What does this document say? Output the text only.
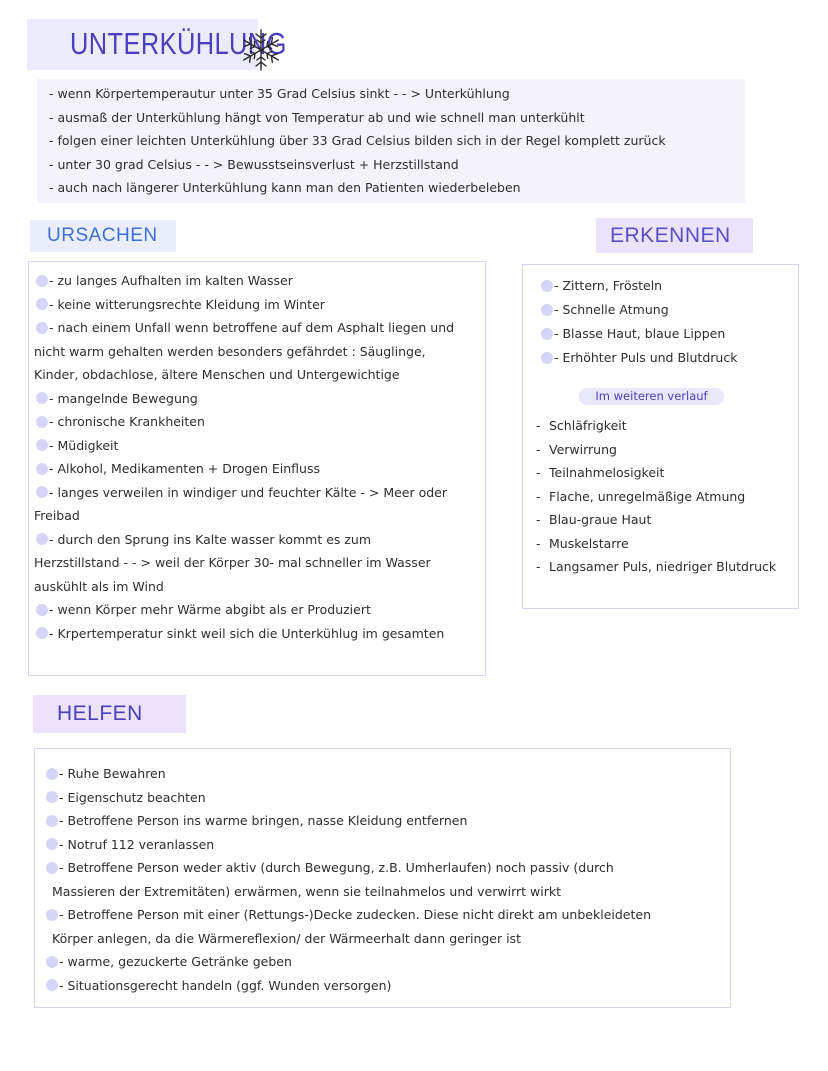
UNTERKÜHLUNG
- wenn Körpertemperautur unter 35 Grad Celsius sinkt - - > Unterkühlung
- ausmaß der Unterkühlung hängt von Temperatur ab und wie schnell man unterkühlt
- folgen einer leichten Unterkühlung über 33 Grad Celsius bilden sich in der Regel komplett zurück
- unter 30 grad Celsius - - > Bewusstseinsverlust + Herzstillstand
- auch nach längerer Unterkühlung kann man den Patienten wiederbeleben
URSACHEN
- zu langes Aufhalten im kalten Wasser
- keine witterungsrechte Kleidung im Winter
- nach einem Unfall wenn betroffene auf dem Asphalt liegen und
nicht warm gehalten werden besonders gefährdet : Säuglinge,
Kinder, obdachlose, ältere Menschen und Untergewichtige
- mangelnde Bewegung
- chronische Krankheiten
- Müdigkeit
- Alkohol, Medikamenten + Drogen Einfluss
- langes verweilen in windiger und feuchter Kälte - > Meer oder
Freibad
- durch den Sprung ins Kalte wasser kommt es zum
Herzstillstand - - > weil der Körper 30- mal schneller im Wasser
auskühlt als im Wind
- wenn Körper mehr Wärme abgibt als er Produziert
- Krpertemperatur sinkt weil sich die Unterkühlug im gesamten
ERKENNEN
- Zittern, Frösteln
- Schnelle Atmung
- Blasse Haut, blaue Lippen
- Erhöhter Puls und Blutdruck
Im weiteren verlauf
- Schläfrigkeit
- Verwirrung
- Teilnahmelosigkeit
- Flache, unregelmäßige Atmung
- Blau-graue Haut
- Muskelstarre
- Langsamer Puls, niedriger Blutdruck
HELFEN
- Ruhe Bewahren
- Eigenschutz beachten
- Betroffene Person ins warme bringen, nasse Kleidung entfernen
- Notruf 112 veranlassen
- Betroffene Person weder aktiv (durch Bewegung, z.B. Umherlaufen) noch passiv (durch
Massieren der Extremitäten) erwärmen, wenn sie teilnahmelos und verwirrt wirkt
- Betroffene Person mit einer (Rettungs-)Decke zudecken. Diese nicht direkt am unbekleideten
Körper anlegen, da die Wärmereflexion/ der Wärmeerhalt dann geringer ist
- warme, gezuckerte Getränke geben
- Situationsgerecht handeln (ggf. Wunden versorgen)
